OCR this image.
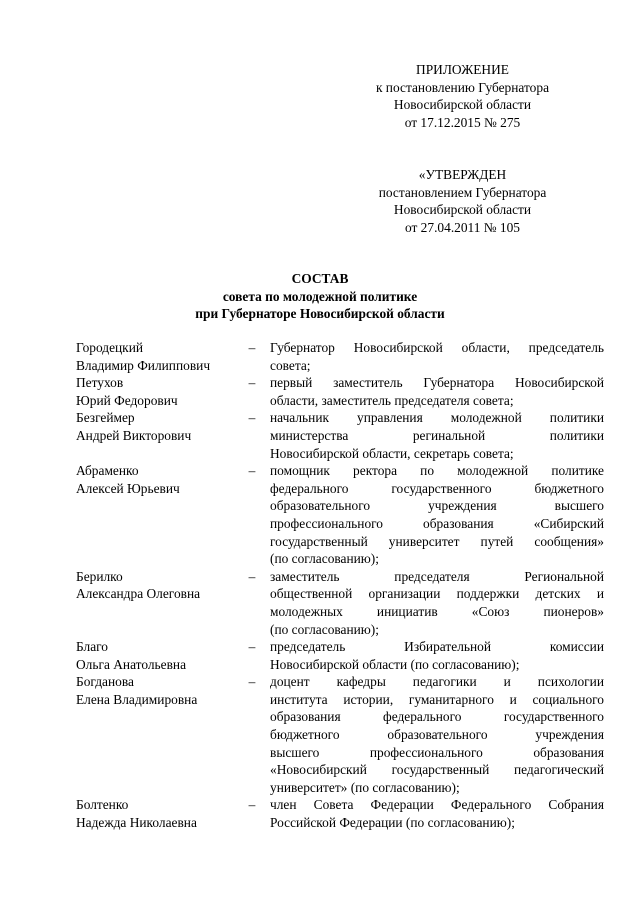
ПРИЛОЖЕНИЕ
к постановлению Губернатора
Новосибирской области
от 17.12.2015 № 275
«УТВЕРЖДЕН
постановлением Губернатора
Новосибирской области
от 27.04.2011 № 105
СОСТАВ
совета по молодежной политике
при Губернаторе Новосибирской области
Городецкий
Владимир Филиппович
–	Губернатор Новосибирской области, председатель
совета;
Петухов
Юрий Федорович
–	первый заместитель Губернатора Новосибирской
области, заместитель председателя совета;
Безгеймер
Андрей Викторович
–	начальник управления молодежной политики
министерства регинальной политики
Новосибирской области, секретарь совета;
Абраменко
Алексей Юрьевич
–	помощник ректора по молодежной политике
федерального государственного бюджетного
образовательного учреждения высшего
профессионального образования «Сибирский
государственный университет путей сообщения»
(по согласованию);
Берилко
Александра Олеговна
–	заместитель председателя Региональной
общественной организации поддержки детских и
молодежных инициатив «Союз пионеров»
(по согласованию);
Благо
Ольга Анатольевна
–	председатель Избирательной комиссии
Новосибирской области (по согласованию);
Богданова
Елена Владимировна
–	доцент кафедры педагогики и психологии
института истории, гуманитарного и социального
образования федерального государственного
бюджетного образовательного учреждения
высшего профессионального образования
«Новосибирский государственный педагогический
университет» (по согласованию);
Болтенко
Надежда Николаевна
–	член Совета Федерации Федерального Собрания
Российской Федерации (по согласованию);
